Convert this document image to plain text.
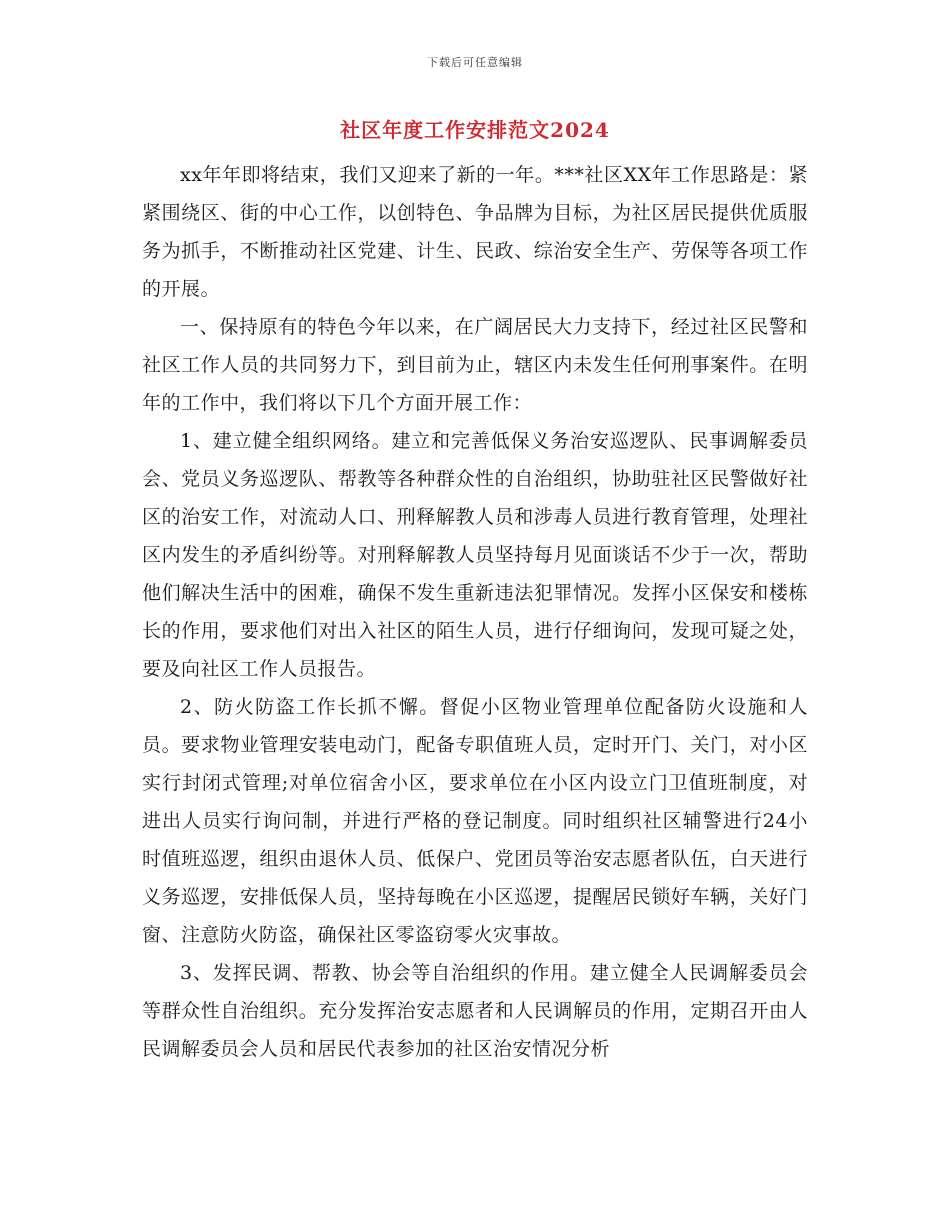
下载后可任意编辑
社区年度工作安排范文2024

xx年年即将结束，我们又迎来了新的一年。***社区XX年工作思路是：紧紧围绕区、街的中心工作，以创特色、争品牌为目标，为社区居民提供优质服务为抓手，不断推动社区党建、计生、民政、综治安全生产、劳保等各项工作的开展。

一、保持原有的特色今年以来，在广阔居民大力支持下，经过社区民警和社区工作人员的共同努力下，到目前为止，辖区内未发生任何刑事案件。在明年的工作中，我们将以下几个方面开展工作：

1、建立健全组织网络。建立和完善低保义务治安巡逻队、民事调解委员会、党员义务巡逻队、帮教等各种群众性的自治组织，协助驻社区民警做好社区的治安工作，对流动人口、刑释解教人员和涉毒人员进行教育管理，处理社区内发生的矛盾纠纷等。对刑释解教人员坚持每月见面谈话不少于一次，帮助他们解决生活中的困难，确保不发生重新违法犯罪情况。发挥小区保安和楼栋长的作用，要求他们对出入社区的陌生人员，进行仔细询问，发现可疑之处，要及向社区工作人员报告。

2、防火防盗工作长抓不懈。督促小区物业管理单位配备防火设施和人员。要求物业管理安装电动门，配备专职值班人员，定时开门、关门，对小区实行封闭式管理;对单位宿舍小区，要求单位在小区内设立门卫值班制度，对进出人员实行询问制，并进行严格的登记制度。同时组织社区辅警进行24小时值班巡逻，组织由退休人员、低保户、党团员等治安志愿者队伍，白天进行义务巡逻，安排低保人员，坚持每晚在小区巡逻，提醒居民锁好车辆，关好门窗、注意防火防盗，确保社区零盗窃零火灾事故。

3、发挥民调、帮教、协会等自治组织的作用。建立健全人民调解委员会等群众性自治组织。充分发挥治安志愿者和人民调解员的作用，定期召开由人民调解委员会人员和居民代表参加的社区治安情况分析
